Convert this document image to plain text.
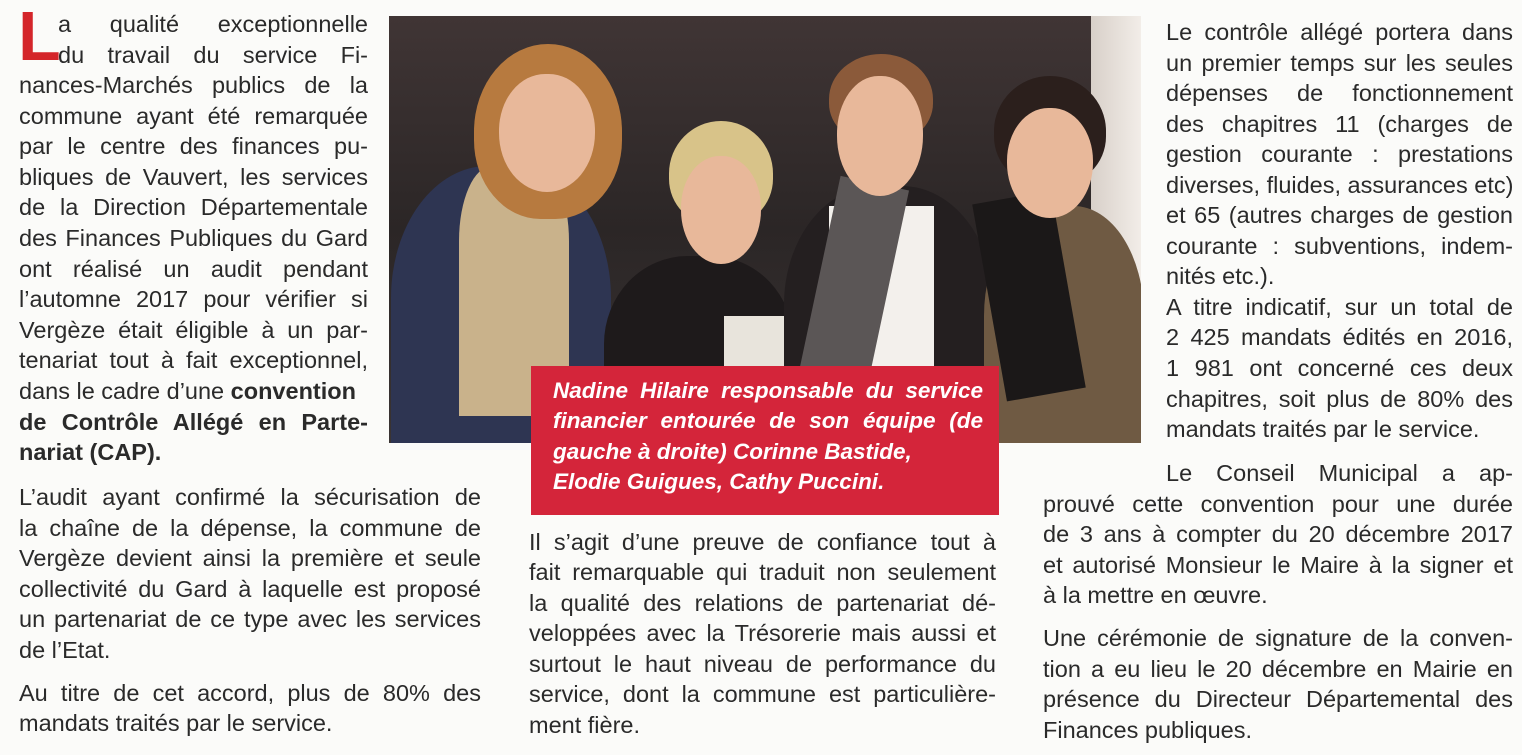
L
a qualité exceptionnelle
du travail du service Fi-
nances-Marchés publics de la
commune ayant été remarquée
par le centre des finances pu-
bliques de Vauvert, les services
de la Direction Départementale
des Finances Publiques du Gard
ont réalisé un audit pendant
l’automne 2017 pour vérifier si
Vergèze était éligible à un par-
tenariat tout à fait exceptionnel,
dans le cadre d’une convention
de Contrôle Allégé en Parte-
nariat (CAP).
L’audit ayant confirmé la sécurisation de
la chaîne de la dépense, la commune de
Vergèze devient ainsi la première et seule
collectivité du Gard à laquelle est proposé
un partenariat de ce type avec les services
de l’Etat.
Au titre de cet accord, plus de 80% des
mandats traités par le service.
Nadine Hilaire responsable du service
financier entourée de son équipe (de
gauche à droite) Corinne Bastide,
Elodie Guigues, Cathy Puccini.
Il s’agit d’une preuve de confiance tout à
fait remarquable qui traduit non seulement
la qualité des relations de partenariat dé-
veloppées avec la Trésorerie mais aussi et
surtout le haut niveau de performance du
service, dont la commune est particulière-
ment fière.
Le contrôle allégé portera dans
un premier temps sur les seules
dépenses de fonctionnement
des chapitres 11 (charges de
gestion courante : prestations
diverses, fluides, assurances etc)
et 65 (autres charges de gestion
courante : subventions, indem-
nités etc.).
A titre indicatif, sur un total de
2 425 mandats édités en 2016,
1 981 ont concerné ces deux
chapitres, soit plus de 80% des
mandats traités par le service.
Le Conseil Municipal a ap-
prouvé cette convention pour une durée
de 3 ans à compter du 20 décembre 2017
et autorisé Monsieur le Maire à la signer et
à la mettre en œuvre.
Une cérémonie de signature de la conven-
tion a eu lieu le 20 décembre en Mairie en
présence du Directeur Départemental des
Finances publiques.
